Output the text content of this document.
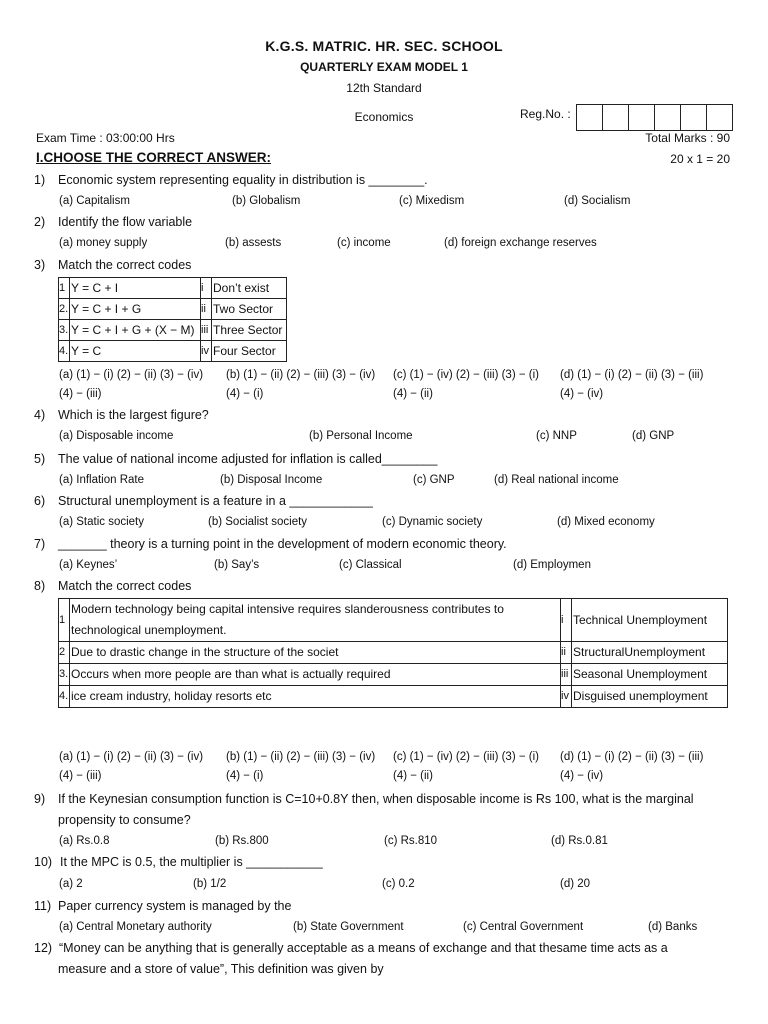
K.G.S. MATRIC. HR. SEC. SCHOOL
QUARTERLY EXAM MODEL 1
12th Standard
Economics	Reg.No. :
Exam Time : 03:00:00 Hrs	Total Marks : 90
I.CHOOSE THE CORRECT ANSWER:	20 x 1 = 20
1) Economic system representing equality in distribution is ________.
(a) Capitalism	(b) Globalism	(c) Mixedism	(d) Socialism
2) Identify the flow variable
(a) money supply	(b) assests	(c) income	(d) foreign exchange reserves
3) Match the correct codes
1	Y = C + I	i	Don’t exist
2.	Y = C + I + G	ii	Two Sector
3.	Y = C + I + G + (X − M)	iii	Three Sector
4.	Y = C	iv	Four Sector
(a) (1) − (i) (2) − (ii) (3) − (iv)
(4) − (iii)
(b) (1) − (ii) (2) − (iii) (3) − (iv)
(4) − (i)
(c) (1) − (iv) (2) − (iii) (3) − (i)
(4) − (ii)
(d) (1) − (i) (2) − (ii) (3) − (iii)
(4) − (iv)
4) Which is the largest figure?
(a) Disposable income	(b) Personal Income	(c) NNP	(d) GNP
5) The value of national income adjusted for inflation is called________
(a) Inflation Rate	(b) Disposal Income	(c) GNP	(d) Real national income
6) Structural unemployment is a feature in a ____________
(a) Static society	(b) Socialist society	(c) Dynamic society	(d) Mixed economy
7) _______ theory is a turning point in the development of modern economic theory.
(a) Keynes’	(b) Say’s	(c) Classical	(d) Employmen
8) Match the correct codes
1	Modern technology being capital intensive requires slanderousness contributes to technological unemployment.	i	Technical Unemployment
2	Due to drastic change in the structure of the societ	ii	StructuralUnemployment
3.	Occurs when more people are than what is actually required	iii	Seasonal Unemployment
4.	ice cream industry, holiday resorts etc	iv	Disguised unemployment
(a) (1) − (i) (2) − (ii) (3) − (iv)
(4) − (iii)
(b) (1) − (ii) (2) − (iii) (3) − (iv)
(4) − (i)
(c) (1) − (iv) (2) − (iii) (3) − (i)
(4) − (ii)
(d) (1) − (i) (2) − (ii) (3) − (iii)
(4) − (iv)
9) If the Keynesian consumption function is C=10+0.8Y then, when disposable income is Rs 100, what is the marginal
propensity to consume?
(a) Rs.0.8	(b) Rs.800	(c) Rs.810	(d) Rs.0.81
10) It the MPC is 0.5, the multiplier is ___________
(a) 2	(b) 1/2	(c) 0.2	(d) 20
11) Paper currency system is managed by the
(a) Central Monetary authority	(b) State Government	(c) Central Government	(d) Banks
12) “Money can be anything that is generally acceptable as a means of exchange and that thesame time acts as a
measure and a store of value”, This definition was given by
